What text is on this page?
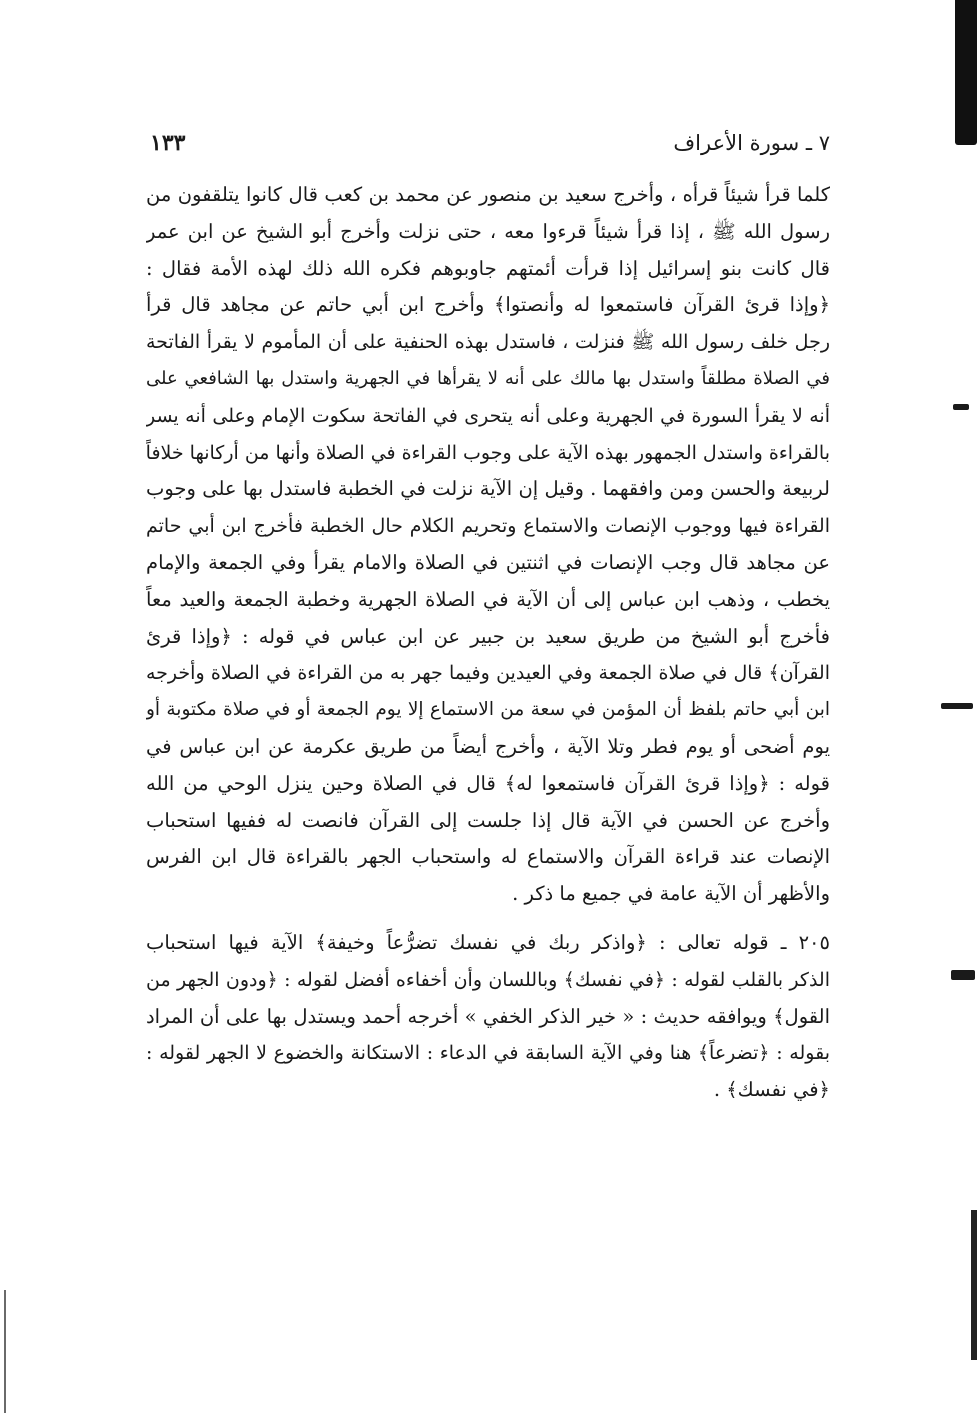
٧ ـ سورة الأعراف
١٣٣
كلما قرأ شيئاً قرأه ، وأخرج سعيد بن منصور عن محمد بن كعب قال كانوا يتلقفون من
رسول الله ﷺ ، إذا قرأ شيئاً قرءوا معه ، حتى نزلت وأخرج أبو الشيخ عن ابن عمر
قال كانت بنو إسرائيل إذا قرأت أئمتهم جاوبوهم فكره الله ذلك لهذه الأمة فقال :
﴿وإذا قرئ القرآن فاستمعوا له وأنصتوا﴾ وأخرج ابن أبي حاتم عن مجاهد قال قرأ
رجل خلف رسول الله ﷺ فنزلت ، فاستدل بهذه الحنفية على أن المأموم لا يقرأ الفاتحة
في الصلاة مطلقاً واستدل بها مالك على أنه لا يقرأها في الجهرية واستدل بها الشافعي على
أنه لا يقرأ السورة في الجهرية وعلى أنه يتحرى في الفاتحة سكوت الإمام وعلى أنه يسر
بالقراءة واستدل الجمهور بهذه الآية على وجوب القراءة في الصلاة وأنها من أركانها خلافاً
لربيعة والحسن ومن وافقهما . وقيل إن الآية نزلت في الخطبة فاستدل بها على وجوب
القراءة فيها ووجوب الإنصات والاستماع وتحريم الكلام حال الخطبة فأخرج ابن أبي حاتم
عن مجاهد قال وجب الإنصات في اثنتين في الصلاة والامام يقرأ وفي الجمعة والإمام
يخطب ، وذهب ابن عباس إلى أن الآية في الصلاة الجهرية وخطبة الجمعة والعيد معاً
فأخرج أبو الشيخ من طريق سعيد بن جبير عن ابن عباس في قوله : ﴿وإذا قرئ
القرآن﴾ قال في صلاة الجمعة وفي العيدين وفيما جهر به من القراءة في الصلاة وأخرجه
ابن أبي حاتم بلفظ أن المؤمن في سعة من الاستماع إلا يوم الجمعة أو في صلاة مكتوبة أو
يوم أضحى أو يوم فطر وتلا الآية ، وأخرج أيضاً من طريق عكرمة عن ابن عباس في
قوله : ﴿وإذا قرئ القرآن فاستمعوا له﴾ قال في الصلاة وحين ينزل الوحي من الله
وأخرج عن الحسن في الآية قال إذا جلست إلى القرآن فانصت له ففيها استحباب
الإنصات عند قراءة القرآن والاستماع له واستحباب الجهر بالقراءة قال ابن الفرس
والأظهر أن الآية عامة في جميع ما ذكر .
٢٠٥ ـ قوله تعالى : ﴿واذكر ربك في نفسك تضرُّعاً وخيفة﴾ الآية فيها استحباب
الذكر بالقلب لقوله : ﴿في نفسك﴾ وباللسان وأن أخفاءه أفضل لقوله : ﴿ودون الجهر من
القول﴾ ويوافقه حديث : « خير الذكر الخفي » أخرجه أحمد ويستدل بها على أن المراد
بقوله : ﴿تضرعاً﴾ هنا وفي الآية السابقة في الدعاء : الاستكانة والخضوع لا الجهر لقوله :
﴿في نفسك﴾ .
